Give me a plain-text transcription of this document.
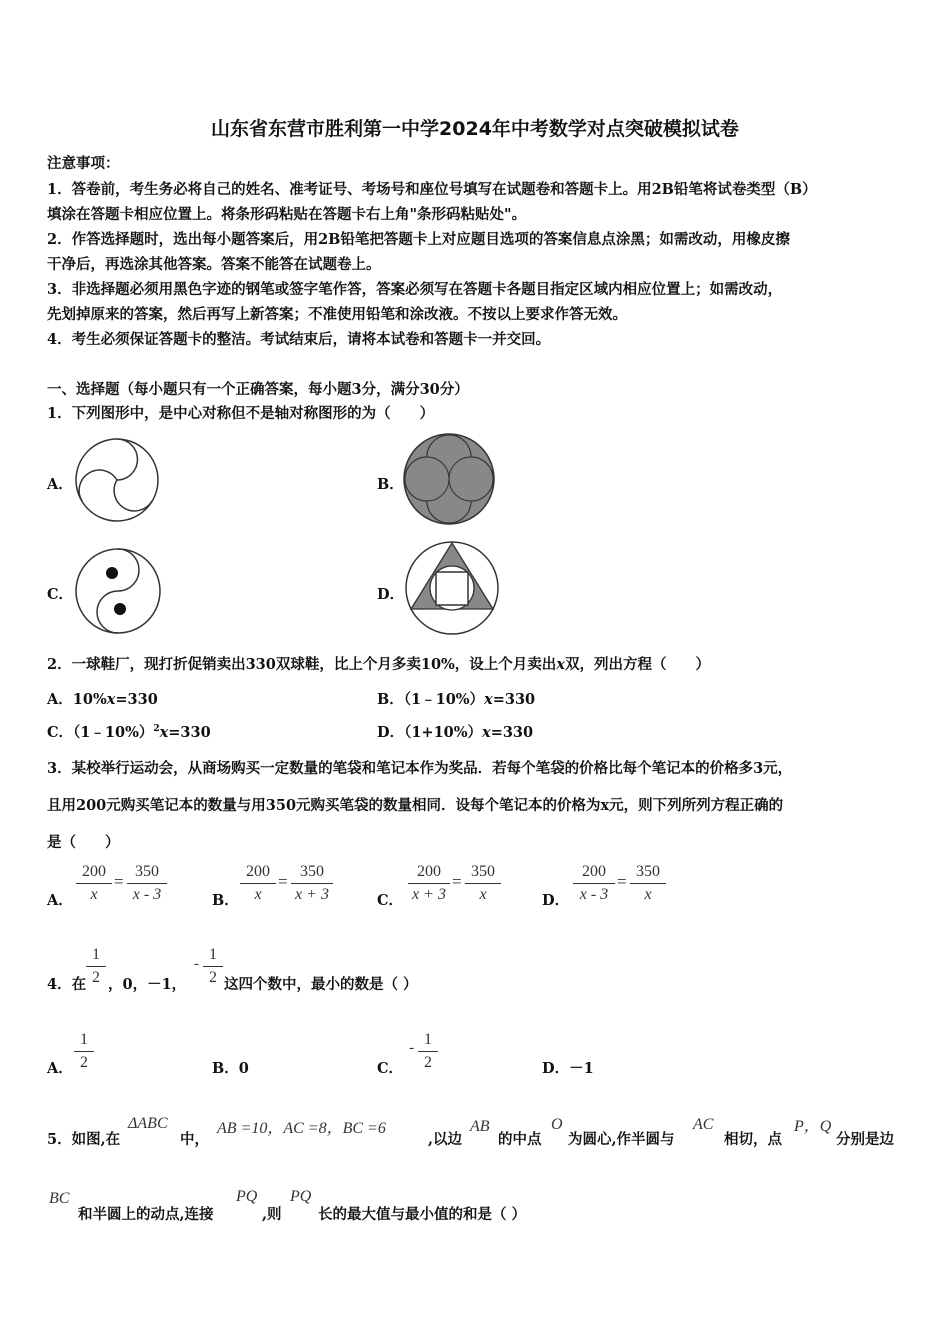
山东省东营市胜利第一中学2024年中考数学对点突破模拟试卷
注意事项：
1．答卷前，考生务必将自己的姓名、准考证号、考场号和座位号填写在试题卷和答题卡上。用2B铅笔将试卷类型（B）
填涂在答题卡相应位置上。将条形码粘贴在答题卡右上角"条形码粘贴处"。
2．作答选择题时，选出每小题答案后，用2B铅笔把答题卡上对应题目选项的答案信息点涂黑；如需改动，用橡皮擦
干净后，再选涂其他答案。答案不能答在试题卷上。
3．非选择题必须用黑色字迹的钢笔或签字笔作答，答案必须写在答题卡各题目指定区域内相应位置上；如需改动，
先划掉原来的答案，然后再写上新答案；不准使用铅笔和涂改液。不按以上要求作答无效。
4．考生必须保证答题卡的整洁。考试结束后，请将本试卷和答题卡一并交回。
一、选择题（每小题只有一个正确答案，每小题3分，满分30分）
1．下列图形中，是中心对称但不是轴对称图形的为（　　）
A．	B．
C．	D．
2．一球鞋厂，现打折促销卖出330双球鞋，比上个月多卖10%，设上个月卖出x双，列出方程（　　）
A．10%x=330	B．（1﹣10%）x=330
C．（1﹣10%）$^2$x=330	D．（1+10%）x=330
3．某校举行运动会，从商场购买一定数量的笔袋和笔记本作为奖品．若每个笔袋的价格比每个笔记本的价格多3元，
且用200元购买笔记本的数量与用350元购买笔袋的数量相同．设每个笔记本的价格为x元，则下列所列方程正确的
是（　　）
A．
200
x
=
350
x - 3	B．
200
x
=
350
x + 3	C．
200
x + 3
=
350
x	D．
200
x - 3
=
350
x
4．在
1
2 ，0，－1，
-
1
2 这四个数中，最小的数是（ ）
A．
1
2	B．0	C．
- 1
2	D．－1
5．如图,在
ΔABC
中，
AB =10，AC =8，BC =6
,以边
AB
的中点
O
为圆心,作半圆与
AC
相切，点
P，Q
分别是边
BC
和半圆上的动点,连接
PQ
,则
PQ
长的最大值与最小值的和是（ ）
